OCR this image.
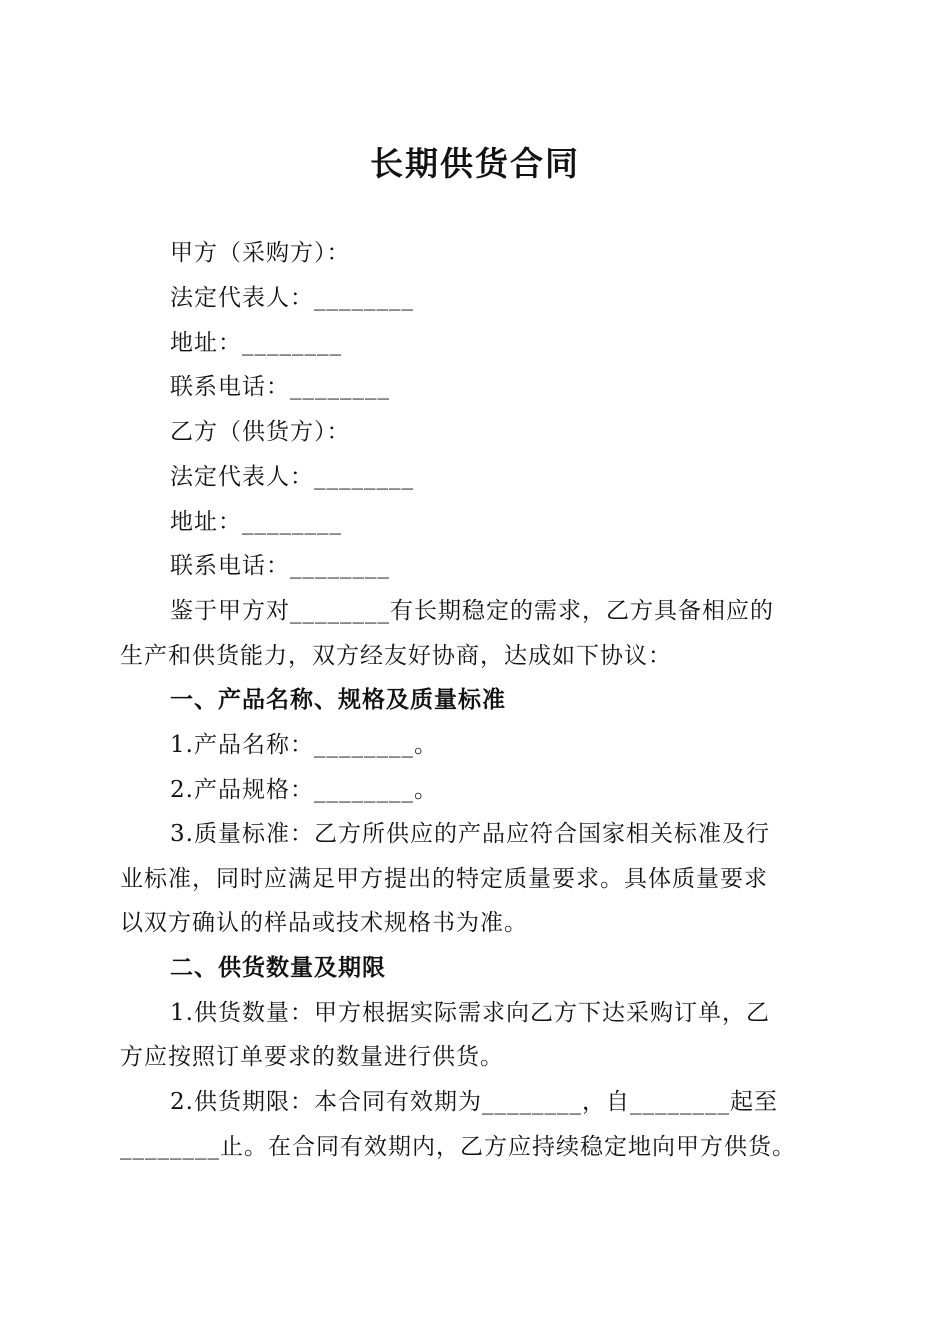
长期供货合同
甲方（采购方）：
法定代表人：________
地址：________
联系电话：________
乙方（供货方）：
法定代表人：________
地址：________
联系电话：________
鉴于甲方对________有长期稳定的需求，乙方具备相应的
生产和供货能力，双方经友好协商，达成如下协议：
一、产品名称、规格及质量标准
1.产品名称：________。
2.产品规格：________。
3.质量标准：乙方所供应的产品应符合国家相关标准及行
业标准，同时应满足甲方提出的特定质量要求。具体质量要求
以双方确认的样品或技术规格书为准。
二、供货数量及期限
1.供货数量：甲方根据实际需求向乙方下达采购订单，乙
方应按照订单要求的数量进行供货。
2.供货期限：本合同有效期为________，自________起至
________止。在合同有效期内，乙方应持续稳定地向甲方供货。
